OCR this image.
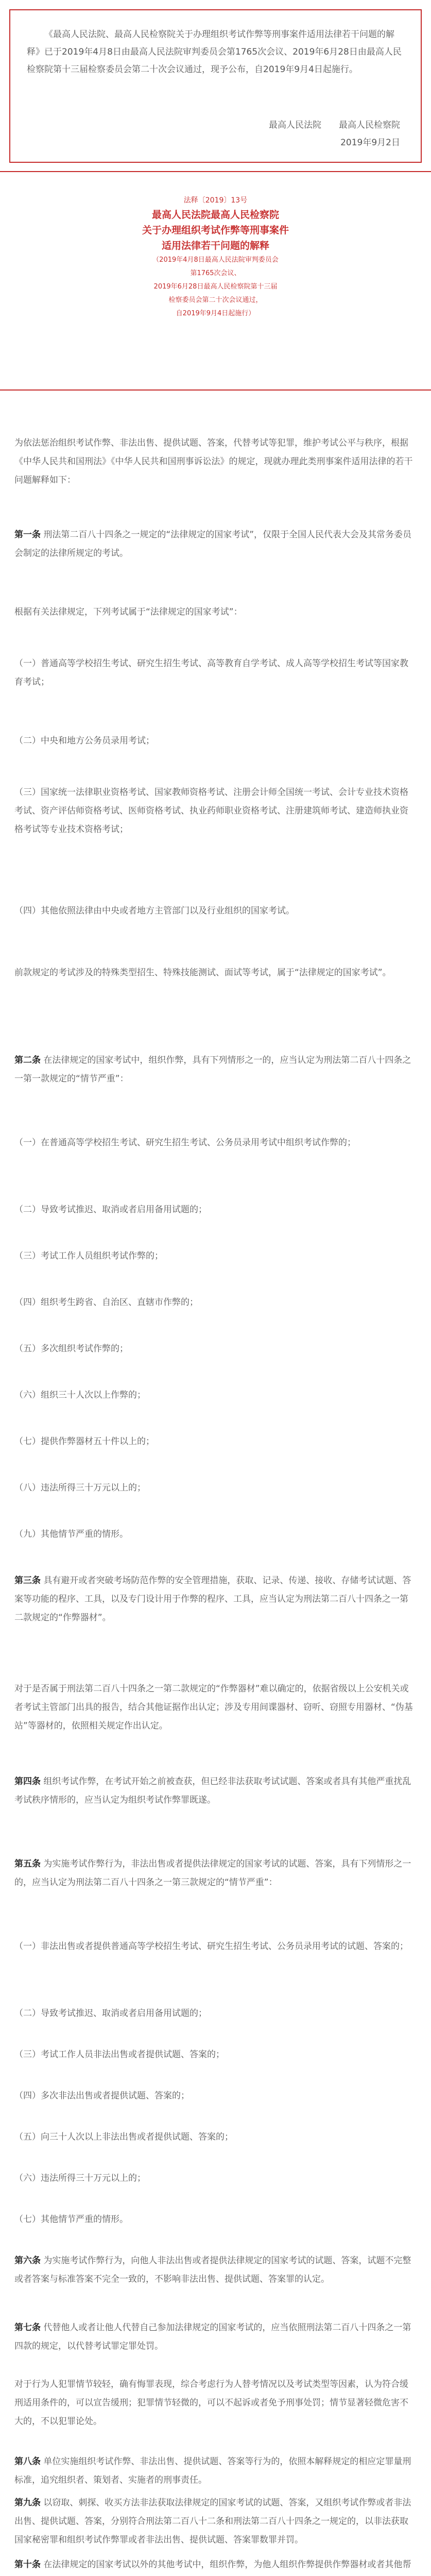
《最高人民法院、最高人民检察院关于办理组织考试作弊等刑事案件适用法律若干问题的解释》已于2019年4月8日由最高人民法院审判委员会第1765次会议、2019年6月28日由最高人民检察院第十三届检察委员会第二十次会议通过，现予公布，自2019年9月4日起施行。

最高人民法院　　最高人民检察院
2019年9月2日
法释〔2019〕13号
最高人民法院最高人民检察院
关于办理组织考试作弊等刑事案件
适用法律若干问题的解释
（2019年4月8日最高人民法院审判委员会
第1765次会议、
2019年6月28日最高人民检察院第十三届
检察委员会第二十次会议通过，
自2019年9月4日起施行）

为依法惩治组织考试作弊、非法出售、提供试题、答案，代替考试等犯罪，维护考试公平与秩序，根据《中华人民共和国刑法》《中华人民共和国刑事诉讼法》的规定，现就办理此类刑事案件适用法律的若干问题解释如下：

第一条 刑法第二百八十四条之一规定的“法律规定的国家考试”，仅限于全国人民代表大会及其常务委员会制定的法律所规定的考试。

根据有关法律规定，下列考试属于“法律规定的国家考试”：

（一）普通高等学校招生考试、研究生招生考试、高等教育自学考试、成人高等学校招生考试等国家教育考试；

（二）中央和地方公务员录用考试；

（三）国家统一法律职业资格考试、国家教师资格考试、注册会计师全国统一考试、会计专业技术资格考试、资产评估师资格考试、医师资格考试、执业药师职业资格考试、注册建筑师考试、建造师执业资格考试等专业技术资格考试；

（四）其他依照法律由中央或者地方主管部门以及行业组织的国家考试。

前款规定的考试涉及的特殊类型招生、特殊技能测试、面试等考试，属于“法律规定的国家考试”。

第二条 在法律规定的国家考试中，组织作弊，具有下列情形之一的，应当认定为刑法第二百八十四条之一第一款规定的“情节严重”：

（一）在普通高等学校招生考试、研究生招生考试、公务员录用考试中组织考试作弊的；

（二）导致考试推迟、取消或者启用备用试题的；

（三）考试工作人员组织考试作弊的；

（四）组织考生跨省、自治区、直辖市作弊的；

（五）多次组织考试作弊的；

（六）组织三十人次以上作弊的；

（七）提供作弊器材五十件以上的；

（八）违法所得三十万元以上的；

（九）其他情节严重的情形。

第三条 具有避开或者突破考场防范作弊的安全管理措施，获取、记录、传递、接收、存储考试试题、答案等功能的程序、工具，以及专门设计用于作弊的程序、工具，应当认定为刑法第二百八十四条之一第二款规定的“作弊器材”。

对于是否属于刑法第二百八十四条之一第二款规定的“作弊器材”难以确定的，依据省级以上公安机关或者考试主管部门出具的报告，结合其他证据作出认定；涉及专用间谍器材、窃听、窃照专用器材、“伪基站”等器材的，依照相关规定作出认定。

第四条 组织考试作弊，在考试开始之前被查获，但已经非法获取考试试题、答案或者具有其他严重扰乱考试秩序情形的，应当认定为组织考试作弊罪既遂。

第五条 为实施考试作弊行为，非法出售或者提供法律规定的国家考试的试题、答案，具有下列情形之一的，应当认定为刑法第二百八十四条之一第三款规定的“情节严重”：

（一）非法出售或者提供普通高等学校招生考试、研究生招生考试、公务员录用考试的试题、答案的；

（二）导致考试推迟、取消或者启用备用试题的；

（三）考试工作人员非法出售或者提供试题、答案的；

（四）多次非法出售或者提供试题、答案的；

（五）向三十人次以上非法出售或者提供试题、答案的；

（六）违法所得三十万元以上的；

（七）其他情节严重的情形。

第六条 为实施考试作弊行为，向他人非法出售或者提供法律规定的国家考试的试题、答案，试题不完整或者答案与标准答案不完全一致的，不影响非法出售、提供试题、答案罪的认定。

第七条 代替他人或者让他人代替自己参加法律规定的国家考试的，应当依照刑法第二百八十四条之一第四款的规定，以代替考试罪定罪处罚。

对于行为人犯罪情节较轻，确有悔罪表现，综合考虑行为人替考情况以及考试类型等因素，认为符合缓刑适用条件的，可以宣告缓刑；犯罪情节轻微的，可以不起诉或者免予刑事处罚；情节显著轻微危害不大的，不以犯罪论处。

第八条 单位实施组织考试作弊、非法出售、提供试题、答案等行为的，依照本解释规定的相应定罪量刑标准，追究组织者、策划者、实施者的刑事责任。

第九条 以窃取、刺探、收买方法非法获取法律规定的国家考试的试题、答案，又组织考试作弊或者非法出售、提供试题、答案，分别符合刑法第二百八十二条和刑法第二百八十四条之一规定的，以非法获取国家秘密罪和组织考试作弊罪或者非法出售、提供试题、答案罪数罪并罚。

第十条 在法律规定的国家考试以外的其他考试中，组织作弊，为他人组织作弊提供作弊器材或者其他帮
